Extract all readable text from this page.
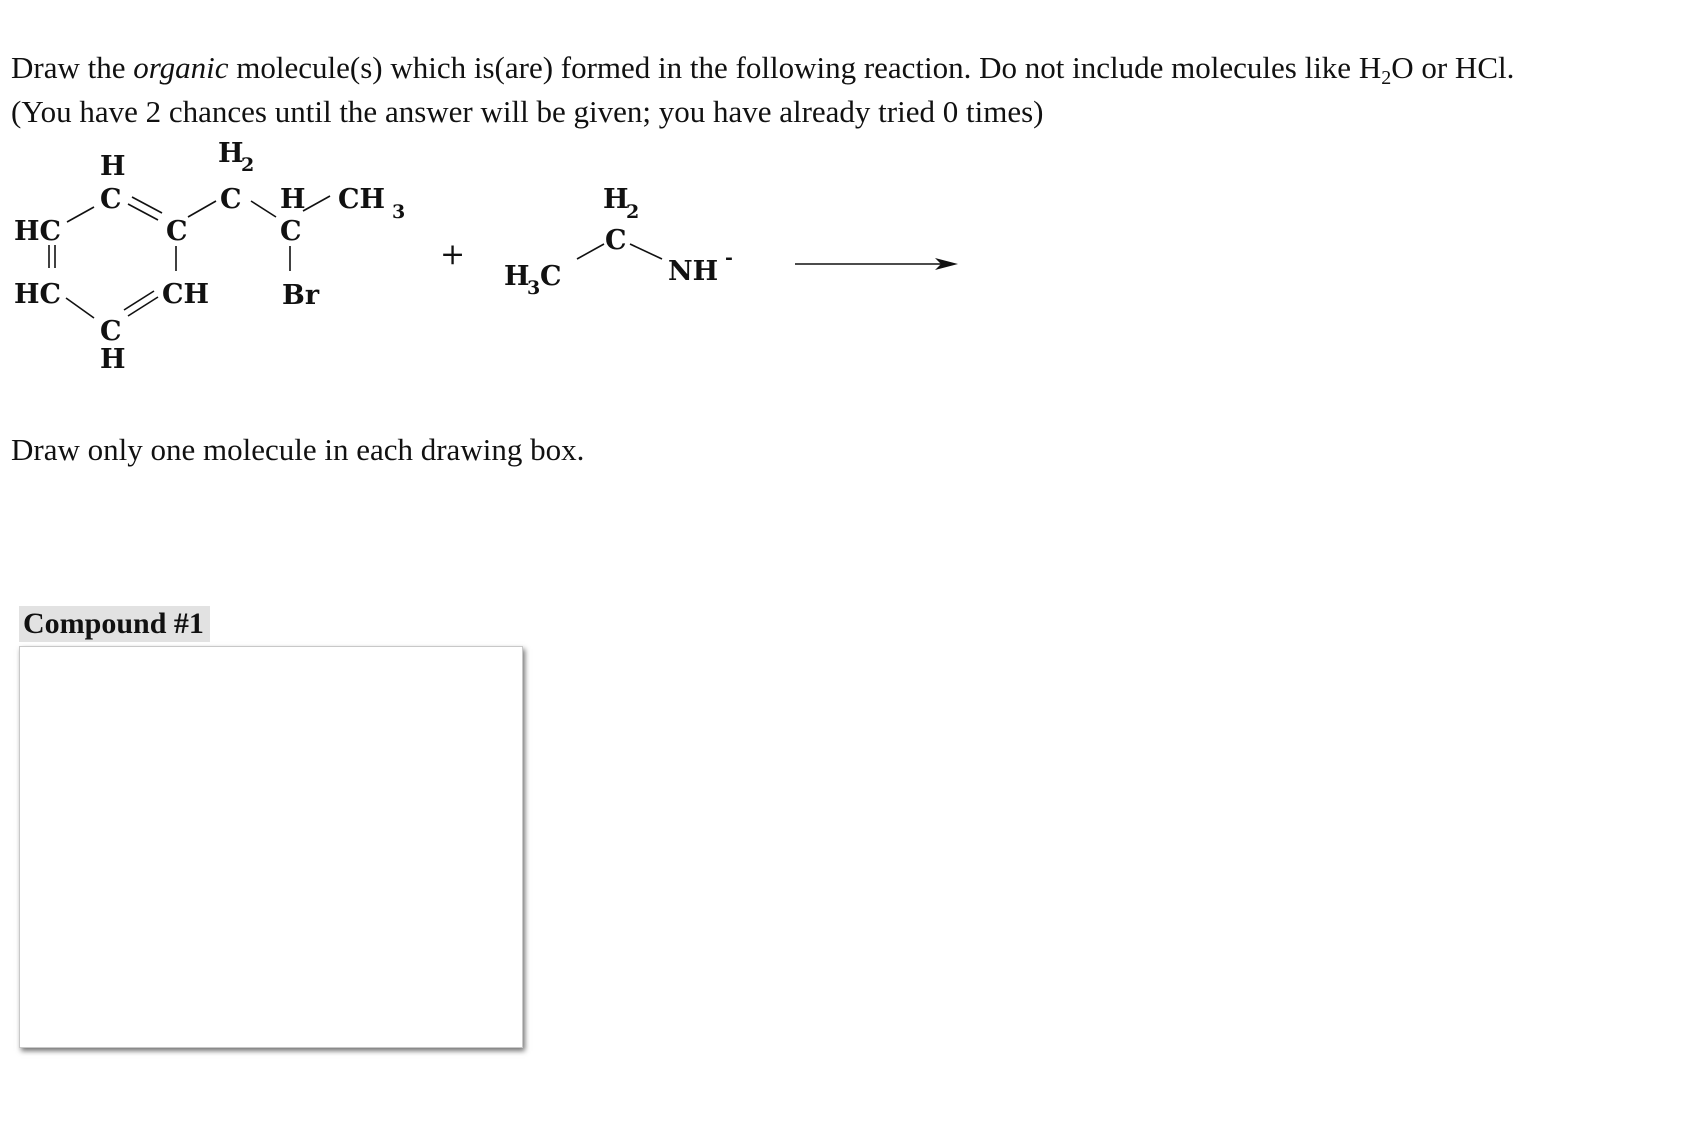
Draw the organic molecule(s) which is(are) formed in the following reaction. Do not include molecules like $H_2O$ or HCl.
(You have 2 chances until the answer will be given; you have already tried 0 times)
H
C
HC	C
HC	CH
C
H
H
2
C H
C
CH 3
Br
+
H
3 C
H
2
C
NH -
Draw only one molecule in each drawing box.
Compound #1
